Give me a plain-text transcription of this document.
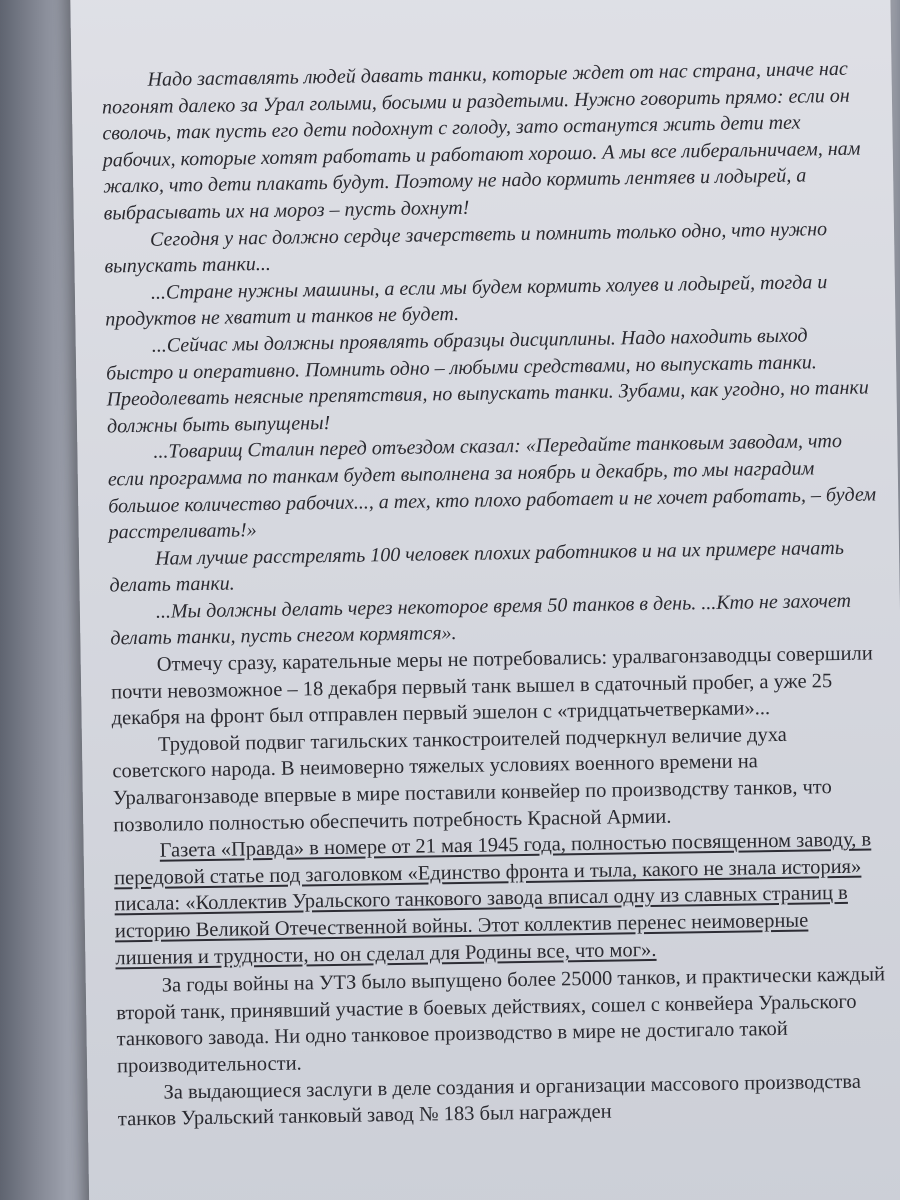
Надо заставлять людей давать танки, которые ждет от нас страна, иначе нас погонят далеко за Урал голыми, босыми и раздетыми. Нужно говорить прямо: если он сволочь, так пусть его дети подохнут с голоду, зато останутся жить дети тех рабочих, которые хотят работать и работают хорошо. А мы все либеральничаем, нам жалко, что дети плакать будут. Поэтому не надо кормить лентяев и лодырей, а выбрасывать их на мороз – пусть дохнут!

Сегодня у нас должно сердце зачерстветь и помнить только одно, что нужно выпускать танки...

...Стране нужны машины, а если мы будем кормить холуев и лодырей, тогда и продуктов не хватит и танков не будет.

...Сейчас мы должны проявлять образцы дисциплины. Надо находить выход быстро и оперативно. Помнить одно – любыми средствами, но выпускать танки. Преодолевать неясные препятствия, но выпускать танки. Зубами, как угодно, но танки должны быть выпущены!

...Товарищ Сталин перед отъездом сказал: «Передайте танковым заводам, что если программа по танкам будет выполнена за ноябрь и декабрь, то мы наградим большое количество рабочих..., а тех, кто плохо работает и не хочет работать, – будем расстреливать!»

Нам лучше расстрелять 100 человек плохих работников и на их примере начать делать танки.

...Мы должны делать через некоторое время 50 танков в день. ...Кто не захочет делать танки, пусть снегом кормятся».

Отмечу сразу, карательные меры не потребовались: уралвагонзаводцы совершили почти невозможное – 18 декабря первый танк вышел в сдаточный пробег, а уже 25 декабря на фронт был отправлен первый эшелон с «тридцатьчетверками»...

Трудовой подвиг тагильских танкостроителей подчеркнул величие духа советского народа. В неимоверно тяжелых условиях военного времени на Уралвагонзаводе впервые в мире поставили конвейер по производству танков, что позволило полностью обеспечить потребность Красной Армии.

Газета «Правда» в номере от 21 мая 1945 года, полностью посвященном заводу, в передовой статье под заголовком «Единство фронта и тыла, какого не знала история» писала: «Коллектив Уральского танкового завода вписал одну из славных страниц в историю Великой Отечественной войны. Этот коллектив перенес неимоверные лишения и трудности, но он сделал для Родины все, что мог».

За годы войны на УТЗ было выпущено более 25000 танков, и практически каждый второй танк, принявший участие в боевых действиях, сошел с конвейера Уральского танкового завода. Ни одно танковое производство в мире не достигало такой производительности.

За выдающиеся заслуги в деле создания и организации массового производства танков Уральский танковый завод № 183 был награжден
